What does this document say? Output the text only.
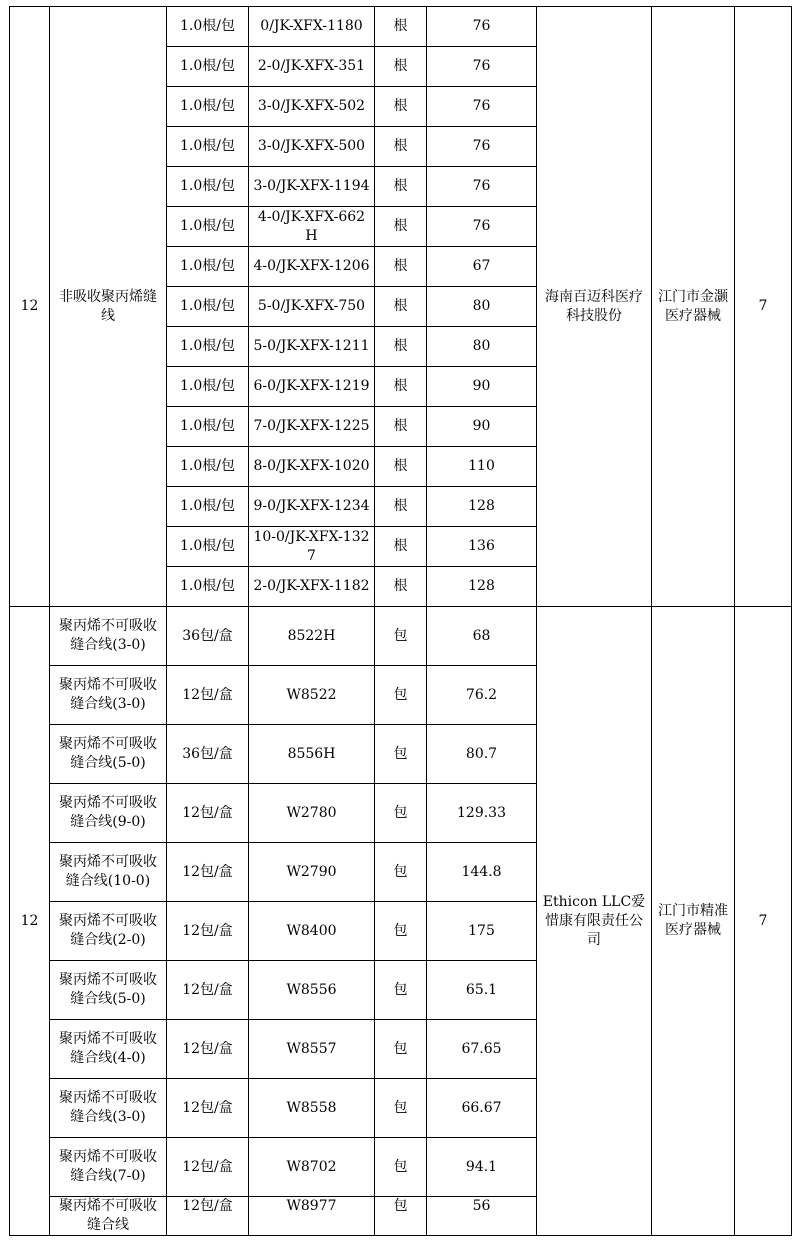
12	非吸收聚丙烯缝线	1.0根/包	0/JK-XFX-1180	根	76	海南百迈科医疗科技股份	江门市金灏医疗器械	7
		1.0根/包	2-0/JK-XFX-351	根	76			
		1.0根/包	3-0/JK-XFX-502	根	76			
		1.0根/包	3-0/JK-XFX-500	根	76			
		1.0根/包	3-0/JK-XFX-1194	根	76			
		1.0根/包	4-0/JK-XFX-662H	根	76			
		1.0根/包	4-0/JK-XFX-1206	根	67			
		1.0根/包	5-0/JK-XFX-750	根	80			
		1.0根/包	5-0/JK-XFX-1211	根	80			
		1.0根/包	6-0/JK-XFX-1219	根	90			
		1.0根/包	7-0/JK-XFX-1225	根	90			
		1.0根/包	8-0/JK-XFX-1020	根	110			
		1.0根/包	9-0/JK-XFX-1234	根	128			
		1.0根/包	10-0/JK-XFX-1327	根	136			
		1.0根/包	2-0/JK-XFX-1182	根	128			
12	聚丙烯不可吸收缝合线(3-0)	36包/盒	8522H	包	68	Ethicon LLC爱惜康有限责任公司	江门市精准医疗器械	7
	聚丙烯不可吸收缝合线(3-0)	12包/盒	W8522	包	76.2			
	聚丙烯不可吸收缝合线(5-0)	36包/盒	8556H	包	80.7			
	聚丙烯不可吸收缝合线(9-0)	12包/盒	W2780	包	129.33			
	聚丙烯不可吸收缝合线(10-0)	12包/盒	W2790	包	144.8			
	聚丙烯不可吸收缝合线(2-0)	12包/盒	W8400	包	175			
	聚丙烯不可吸收缝合线(5-0)	12包/盒	W8556	包	65.1			
	聚丙烯不可吸收缝合线(4-0)	12包/盒	W8557	包	67.65			
	聚丙烯不可吸收缝合线(3-0)	12包/盒	W8558	包	66.67			
	聚丙烯不可吸收缝合线(7-0)	12包/盒	W8702	包	94.1			
	聚丙烯不可吸收缝合线	12包/盒	W8977	包	56			
